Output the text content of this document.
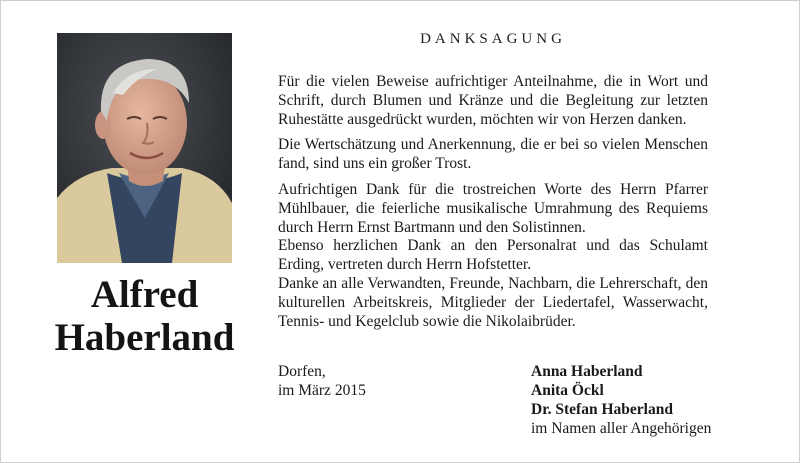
Alfred
Haberland
DANKSAGUNG

Für die vielen Beweise aufrichtiger Anteilnahme, die in Wort und Schrift, durch Blumen und Kränze und die Begleitung zur letzten Ruhestätte ausgedrückt wurden, möchten wir von Herzen danken.

Die Wertschätzung und Anerkennung, die er bei so vielen Menschen fand, sind uns ein großer Trost.

Aufrichtigen Dank für die trostreichen Worte des Herrn Pfarrer Mühlbauer, die feierliche musikalische Umrahmung des Requiems durch Herrn Ernst Bartmann und den Solistinnen.

Ebenso herzlichen Dank an den Personalrat und das Schulamt Erding, vertreten durch Herrn Hofstetter.

Danke an alle Verwandten, Freunde, Nachbarn, die Lehrerschaft, den kulturellen Arbeitskreis, Mitglieder der Liedertafel, Wasserwacht, Tennis- und Kegelclub sowie die Nikolaibrüder.

Dorfen,
im März 2015
Anna Haberland
Anita Öckl
Dr. Stefan Haberland
im Namen aller Angehörigen
